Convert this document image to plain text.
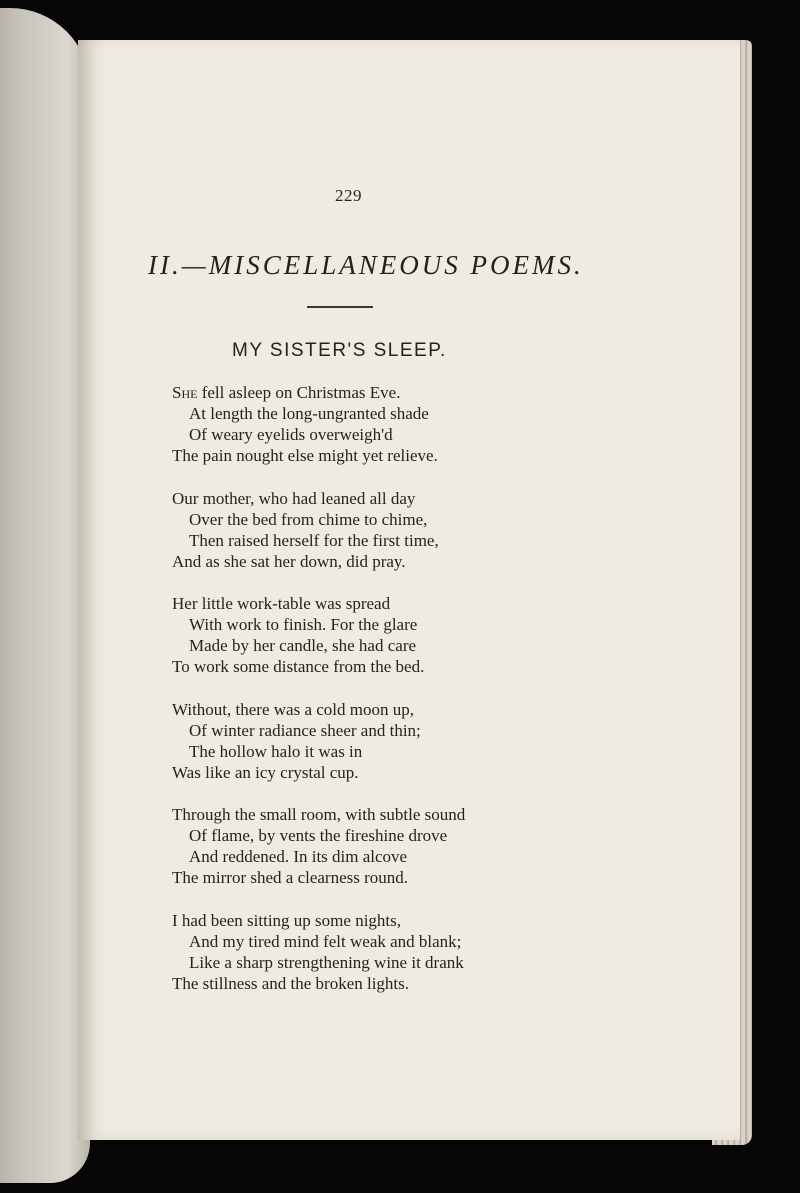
229
II.—MISCELLANEOUS POEMS.
MY SISTER'S SLEEP.
She fell asleep on Christmas Eve.
At length the long-ungranted shade
Of weary eyelids overweigh'd
The pain nought else might yet relieve.
Our mother, who had leaned all day
Over the bed from chime to chime,
Then raised herself for the first time,
And as she sat her down, did pray.
Her little work-table was spread
With work to finish. For the glare
Made by her candle, she had care
To work some distance from the bed.
Without, there was a cold moon up,
Of winter radiance sheer and thin;
The hollow halo it was in
Was like an icy crystal cup.
Through the small room, with subtle sound
Of flame, by vents the fireshine drove
And reddened. In its dim alcove
The mirror shed a clearness round.
I had been sitting up some nights,
And my tired mind felt weak and blank;
Like a sharp strengthening wine it drank
The stillness and the broken lights.
